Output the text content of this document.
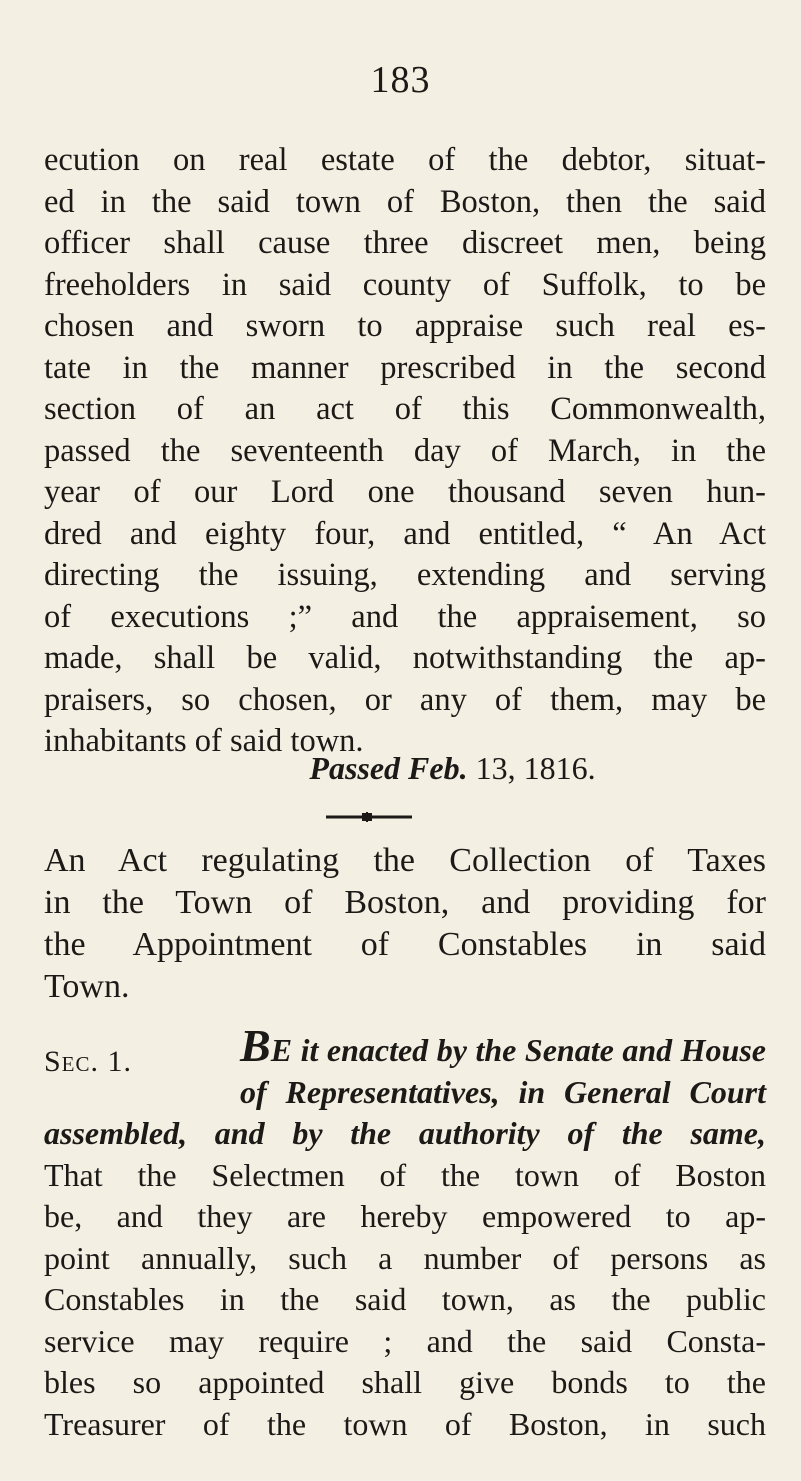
183
ecution on real estate of the debtor, situat-
ed in the said town of Boston, then the said
officer shall cause three discreet men, being
freeholders in said county of Suffolk, to be
chosen and sworn to appraise such real es-
tate in the manner prescribed in the second
section of an act of this Commonwealth,
passed the seventeenth day of March, in the
year of our Lord one thousand seven hun-
dred and eighty four, and entitled, “ An Act
directing the issuing, extending and serving
of executions ;” and the appraisement, so
made, shall be valid, notwithstanding the ap-
praisers, so chosen, or any of them, may be
inhabitants of said town.
Passed Feb. 13, 1816.
An Act regulating the Collection of Taxes
in the Town of Boston, and providing for
the Appointment of Constables in said
Town.
Sec. 1.	BE it enacted by the Senate and House
of Representatives, in General Court
assembled, and by the authority of the same,
That the Selectmen of the town of Boston
be, and they are hereby empowered to ap-
point annually, such a number of persons as
Constables in the said town, as the public
service may require ; and the said Consta-
bles so appointed shall give bonds to the
Treasurer of the town of Boston, in such
